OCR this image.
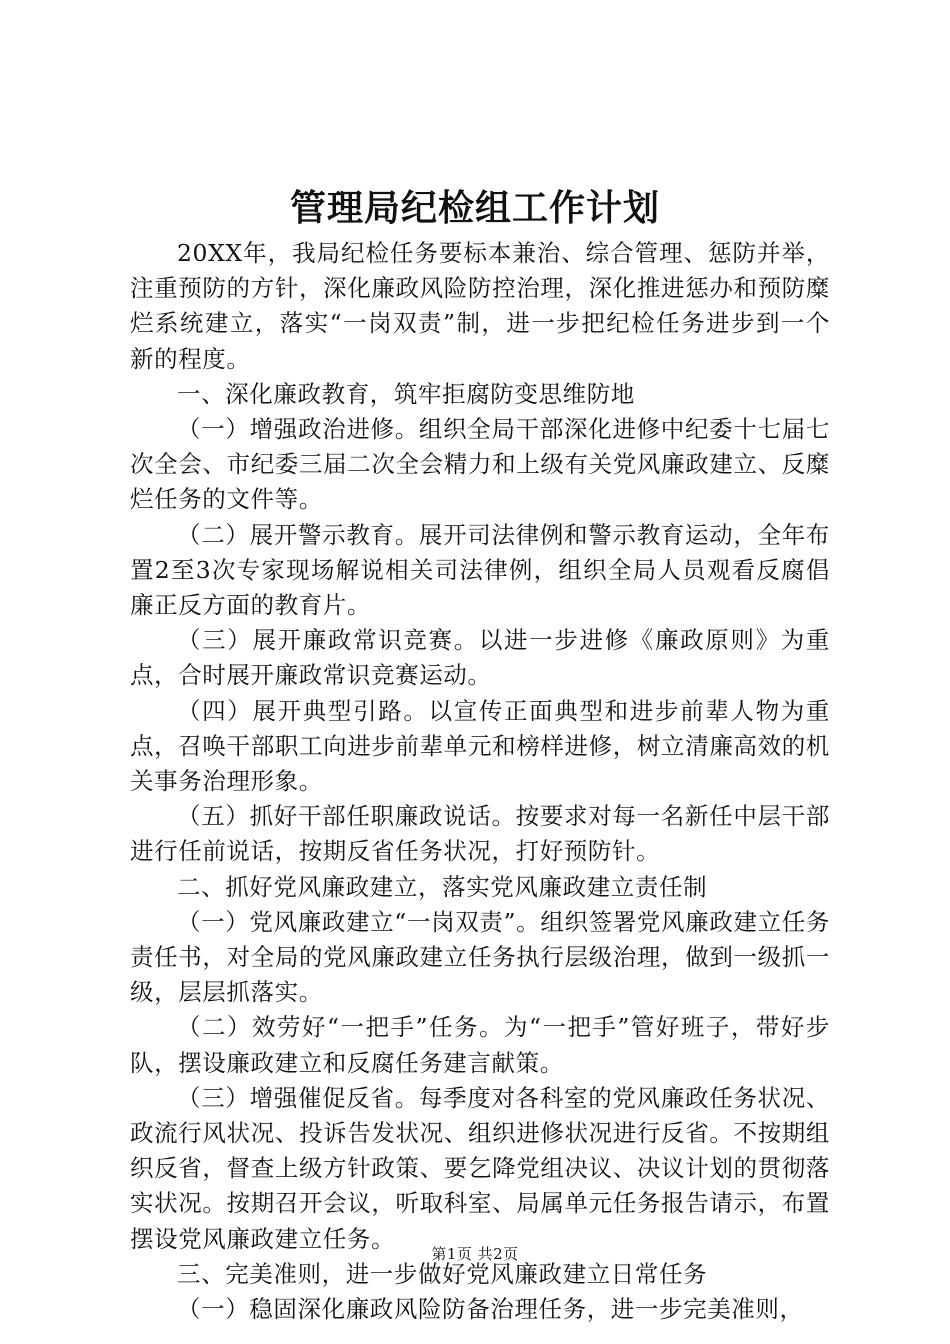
管理局纪检组工作计划

20XX年，我局纪检任务要标本兼治、综合管理、惩防并举，注重预防的方针，深化廉政风险防控治理，深化推进惩办和预防糜烂系统建立，落实“一岗双责”制，进一步把纪检任务进步到一个新的程度。

一、深化廉政教育，筑牢拒腐防变思维防地

（一）增强政治进修。组织全局干部深化进修中纪委十七届七次全会、市纪委三届二次全会精力和上级有关党风廉政建立、反糜烂任务的文件等。

（二）展开警示教育。展开司法律例和警示教育运动，全年布置2至3次专家现场解说相关司法律例，组织全局人员观看反腐倡廉正反方面的教育片。

（三）展开廉政常识竞赛。以进一步进修《廉政原则》为重点，合时展开廉政常识竞赛运动。

（四）展开典型引路。以宣传正面典型和进步前辈人物为重点，召唤干部职工向进步前辈单元和榜样进修，树立清廉高效的机关事务治理形象。

（五）抓好干部任职廉政说话。按要求对每一名新任中层干部进行任前说话，按期反省任务状况，打好预防针。

二、抓好党风廉政建立，落实党风廉政建立责任制

（一）党风廉政建立“一岗双责”。组织签署党风廉政建立任务责任书，对全局的党风廉政建立任务执行层级治理，做到一级抓一级，层层抓落实。

（二）效劳好“一把手”任务。为“一把手”管好班子，带好步队，摆设廉政建立和反腐任务建言献策。

（三）增强催促反省。每季度对各科室的党风廉政任务状况、政流行风状况、投诉告发状况、组织进修状况进行反省。不按期组织反省，督查上级方针政策、要乞降党组决议、决议计划的贯彻落实状况。按期召开会议，听取科室、局属单元任务报告请示，布置摆设党风廉政建立任务。

三、完美准则，进一步做好党风廉政建立日常任务

（一）稳固深化廉政风险防备治理任务，进一步完美准则，

第1页 共2页
